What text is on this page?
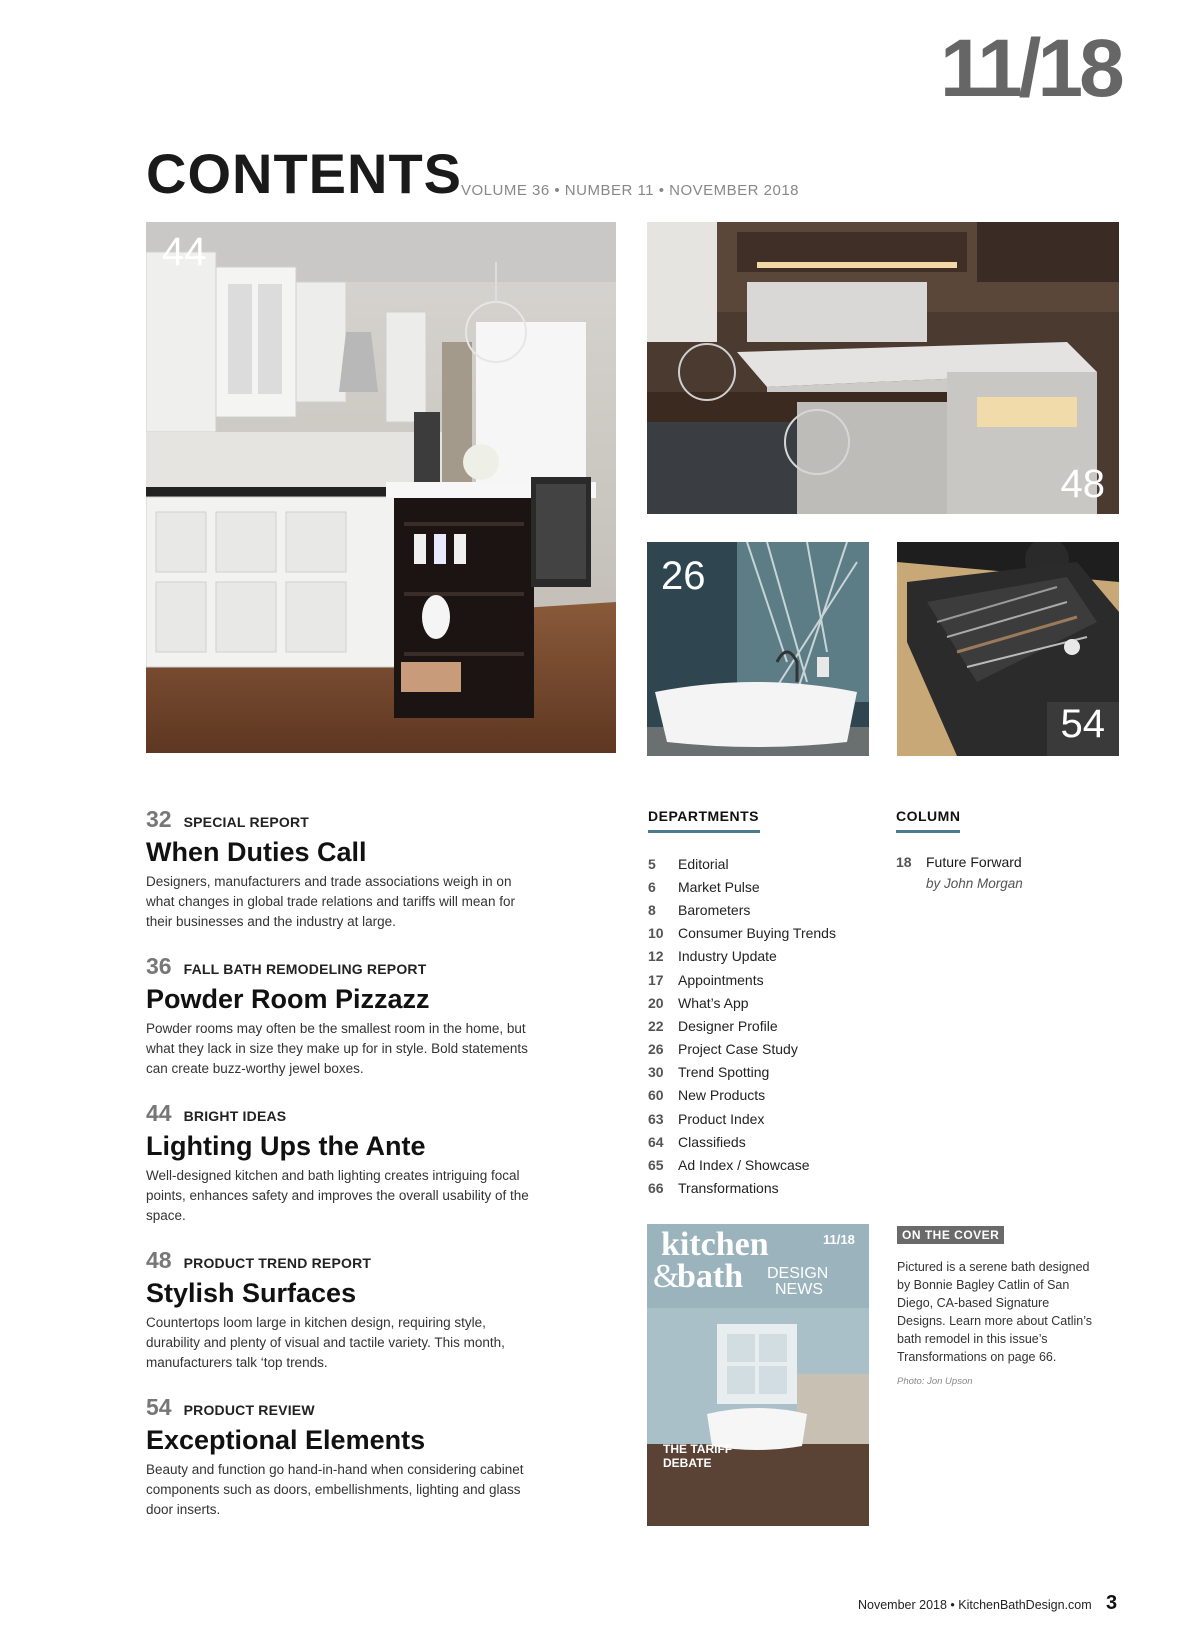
11/18
CONTENTS VOLUME 36 • NUMBER 11 • NOVEMBER 2018
44
48
26
54
32 SPECIAL REPORT
When Duties Call
Designers, manufacturers and trade associations weigh in on what changes in global trade relations and tariffs will mean for their businesses and the industry at large.
36 FALL BATH REMODELING REPORT
Powder Room Pizzazz
Powder rooms may often be the smallest room in the home, but what they lack in size they make up for in style. Bold statements can create buzz-worthy jewel boxes.
44 BRIGHT IDEAS
Lighting Ups the Ante
Well-designed kitchen and bath lighting creates intriguing focal points, enhances safety and improves the overall usability of the space.
48 PRODUCT TREND REPORT
Stylish Surfaces
Countertops loom large in kitchen design, requiring style, durability and plenty of visual and tactile variety. This month, manufacturers talk ‘top trends.
54 PRODUCT REVIEW
Exceptional Elements
Beauty and function go hand-in-hand when considering cabinet components such as doors, embellishments, lighting and glass door inserts.
DEPARTMENTS
5	Editorial
6	Market Pulse
8	Barometers
10	Consumer Buying Trends
12	Industry Update
17	Appointments
20	What’s App
22	Designer Profile
26	Project Case Study
30	Trend Spotting
60	New Products
63	Product Index
64	Classifieds
65	Ad Index / Showcase
66	Transformations
COLUMN
18	Future Forward
by John Morgan
kitchen
&
bath DESIGN
NEWS
11/18
THE TARIFF DEBATE
ON THE COVER
Pictured is a serene bath designed by Bonnie Bagley Catlin of San Diego, CA-based Signature Designs. Learn more about Catlin’s bath remodel in this issue’s Transformations on page 66.
Photo: Jon Upson
November 2018 • KitchenBathDesign.com 3
